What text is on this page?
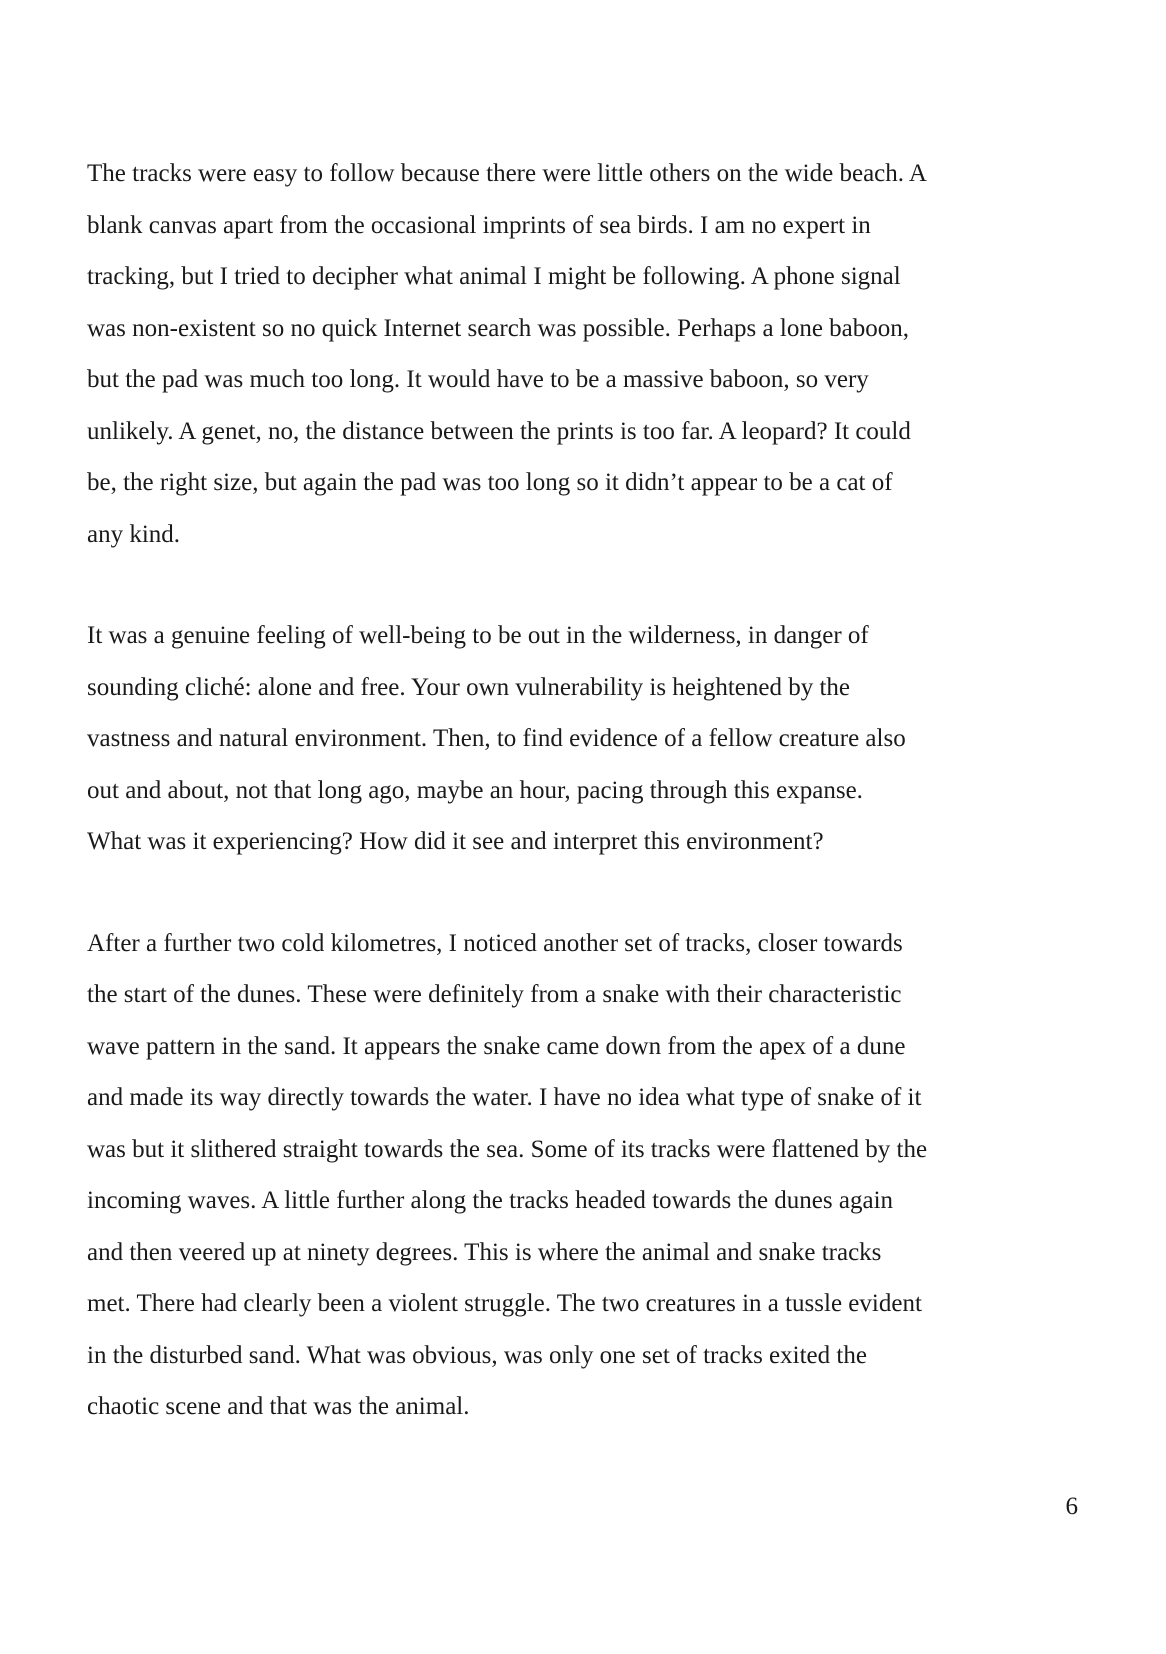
The tracks were easy to follow because there were little others on the wide beach. A
blank canvas apart from the occasional imprints of sea birds. I am no expert in
tracking, but I tried to decipher what animal I might be following. A phone signal
was non-existent so no quick Internet search was possible. Perhaps a lone baboon,
but the pad was much too long. It would have to be a massive baboon, so very
unlikely. A genet, no, the distance between the prints is too far. A leopard? It could
be, the right size, but again the pad was too long so it didn’t appear to be a cat of
any kind.

It was a genuine feeling of well-being to be out in the wilderness, in danger of
sounding cliché: alone and free. Your own vulnerability is heightened by the
vastness and natural environment. Then, to find evidence of a fellow creature also
out and about, not that long ago, maybe an hour, pacing through this expanse.
What was it experiencing? How did it see and interpret this environment?

After a further two cold kilometres, I noticed another set of tracks, closer towards
the start of the dunes. These were definitely from a snake with their characteristic
wave pattern in the sand. It appears the snake came down from the apex of a dune
and made its way directly towards the water. I have no idea what type of snake of it
was but it slithered straight towards the sea. Some of its tracks were flattened by the
incoming waves. A little further along the tracks headed towards the dunes again
and then veered up at ninety degrees. This is where the animal and snake tracks
met. There had clearly been a violent struggle. The two creatures in a tussle evident
in the disturbed sand. What was obvious, was only one set of tracks exited the
chaotic scene and that was the animal.

6
